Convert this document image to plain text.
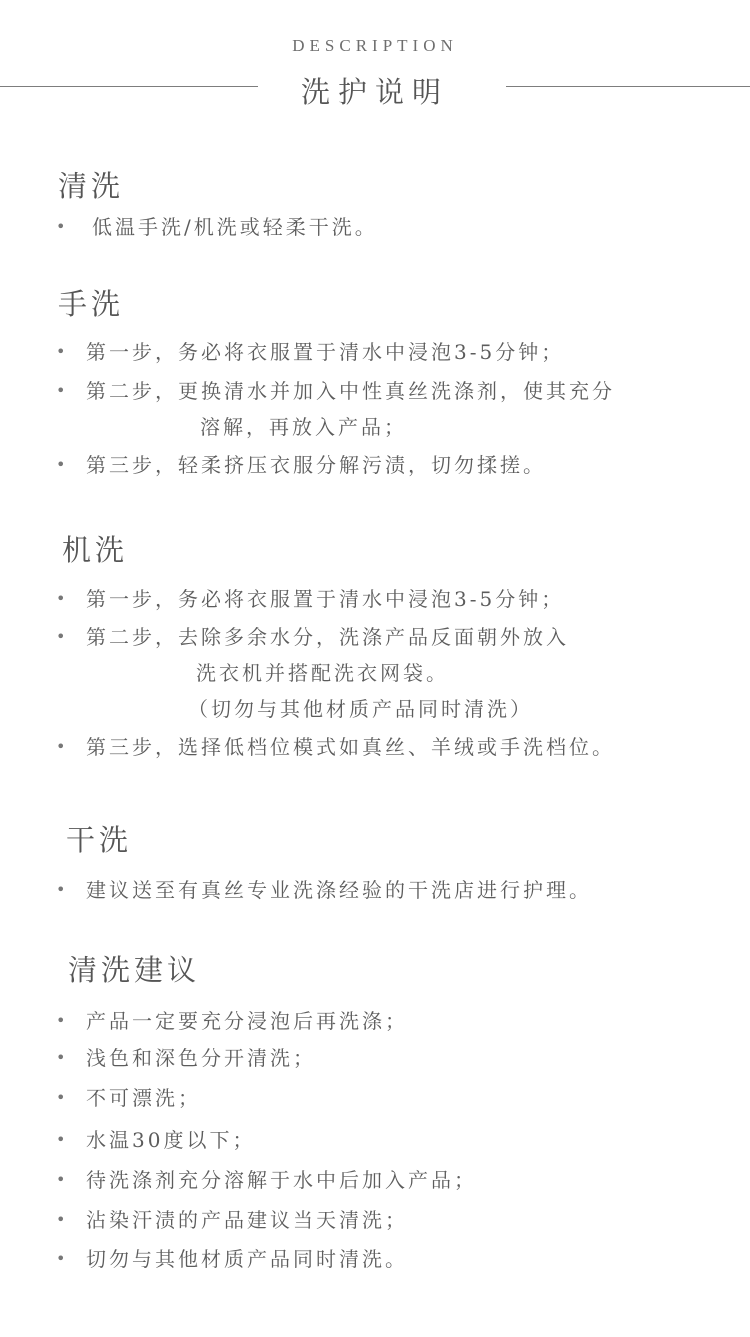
DESCRIPTION
洗护说明
清洗
• 低温手洗/机洗或轻柔干洗。
手洗
• 第一步，务必将衣服置于清水中浸泡3-5分钟；
• 第二步，更换清水并加入中性真丝洗涤剂，使其充分
溶解，再放入产品；
• 第三步，轻柔挤压衣服分解污渍，切勿揉搓。
机洗
• 第一步，务必将衣服置于清水中浸泡3-5分钟；
• 第二步，去除多余水分，洗涤产品反面朝外放入
洗衣机并搭配洗衣网袋。
（切勿与其他材质产品同时清洗）
• 第三步，选择低档位模式如真丝、羊绒或手洗档位。
干洗
• 建议送至有真丝专业洗涤经验的干洗店进行护理。
清洗建议
• 产品一定要充分浸泡后再洗涤；
• 浅色和深色分开清洗；
• 不可漂洗；
• 水温30度以下；
• 待洗涤剂充分溶解于水中后加入产品；
• 沾染汗渍的产品建议当天清洗；
• 切勿与其他材质产品同时清洗。
